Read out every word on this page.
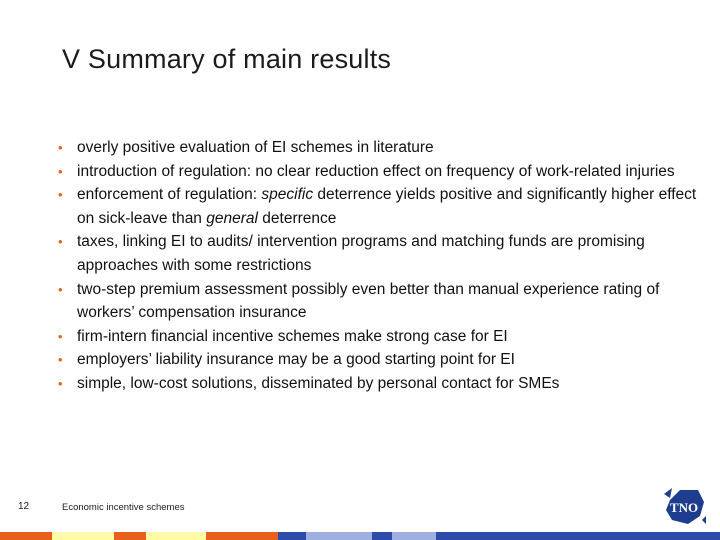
V Summary of main results
• overly positive evaluation of EI schemes in literature
• introduction of regulation: no clear reduction effect on frequency of work-related injuries
• enforcement of regulation: specific deterrence yields positive and significantly higher effect on sick-leave than general deterrence
• taxes, linking EI to audits/ intervention programs and matching funds are promising approaches with some restrictions
• two-step premium assessment possibly even better than manual experience rating of workers’ compensation insurance
• firm-intern financial incentive schemes make strong case for EI
• employers’ liability insurance may be a good starting point for EI
• simple, low-cost solutions, disseminated by personal contact for SMEs
12	Economic incentive schemes	TNO
